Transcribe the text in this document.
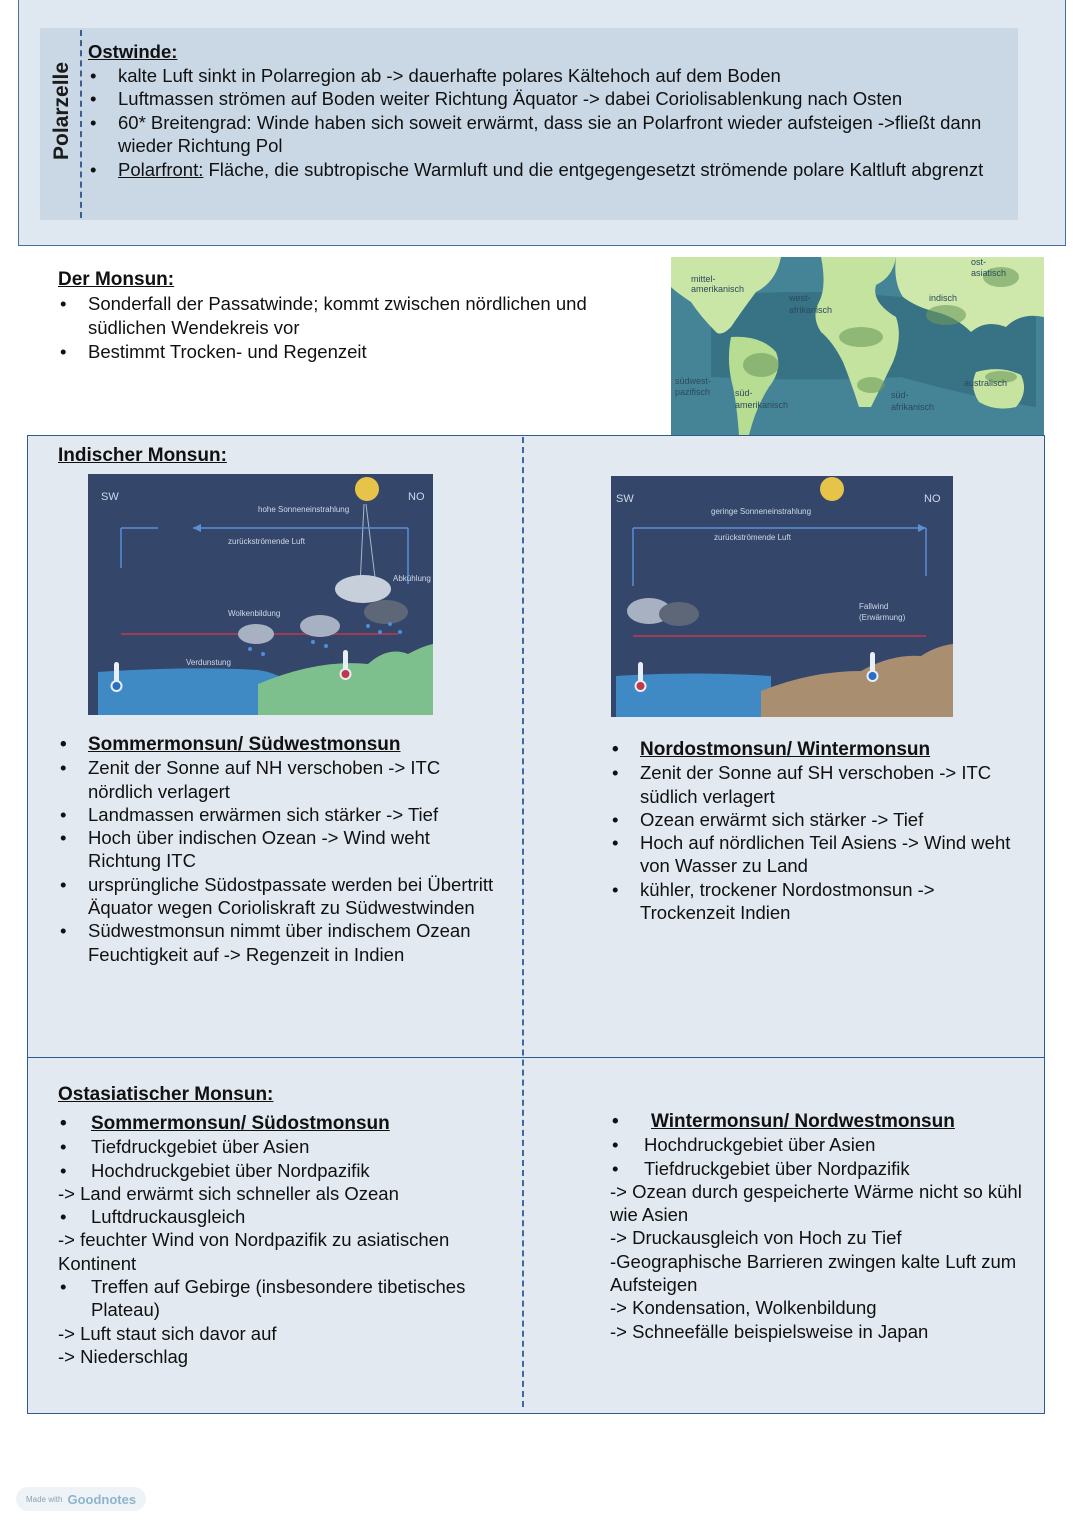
Polarzelle
Ostwinde:
• kalte Luft sinkt in Polarregion ab -> dauerhafte polares Kältehoch auf dem Boden
• Luftmassen strömen auf Boden weiter Richtung Äquator -> dabei Coriolisablenkung nach Osten
• 60* Breitengrad: Winde haben sich soweit erwärmt, dass sie an Polarfront wieder aufsteigen ->fließt dann wieder Richtung Pol
• Polarfront: Fläche, die subtropische Warmluft und die entgegengesetzt strömende polare Kaltluft abgrenzt
Der Monsun:
• Sonderfall der Passatwinde; kommt zwischen nördlichen und südlichen Wendekreis vor
• Bestimmt Trocken- und Regenzeit
mittel-
amerikanisch
west-
afrikanisch
ost-
asiatisch
indisch
südwest-
pazifisch	süd-
amerikanisch
süd-
afrikanisch
australisch
Indischer Monsun:
SW	NO
hohe Sonneneinstrahlung
zurückströmende Luft
Abkühlung
Wolkenbildung
Verdunstung
SW	NO
geringe Sonneneinstrahlung
zurückströmende Luft
Fallwind
(Erwärmung)
• Sommermonsun/ Südwestmonsun
• Zenit der Sonne auf NH verschoben -> ITC nördlich verlagert
• Landmassen erwärmen sich stärker -> Tief
• Hoch über indischen Ozean -> Wind weht Richtung ITC
• ursprüngliche Südostpassate werden bei Übertritt Äquator wegen Corioliskraft zu Südwestwinden
• Südwestmonsun nimmt über indischem Ozean Feuchtigkeit auf -> Regenzeit in Indien
• Nordostmonsun/ Wintermonsun
• Zenit der Sonne auf SH verschoben -> ITC südlich verlagert
• Ozean erwärmt sich stärker -> Tief
• Hoch auf nördlichen Teil Asiens -> Wind weht von Wasser zu Land
• kühler, trockener Nordostmonsun -> Trockenzeit Indien
Ostasiatischer Monsun:
• Sommermonsun/ Südostmonsun
• Tiefdruckgebiet über Asien
• Hochdruckgebiet über Nordpazifik
-> Land erwärmt sich schneller als Ozean
• Luftdruckausgleich
-> feuchter Wind von Nordpazifik zu asiatischen Kontinent
• Treffen auf Gebirge (insbesondere tibetisches Plateau)
-> Luft staut sich davor auf
-> Niederschlag
• Wintermonsun/ Nordwestmonsun
• Hochdruckgebiet über Asien
• Tiefdruckgebiet über Nordpazifik
-> Ozean durch gespeicherte Wärme nicht so kühl wie Asien
-> Druckausgleich von Hoch zu Tief
-Geographische Barrieren zwingen kalte Luft zum Aufsteigen
-> Kondensation, Wolkenbildung
-> Schneefälle beispielsweise in Japan
Made with Goodnotes
